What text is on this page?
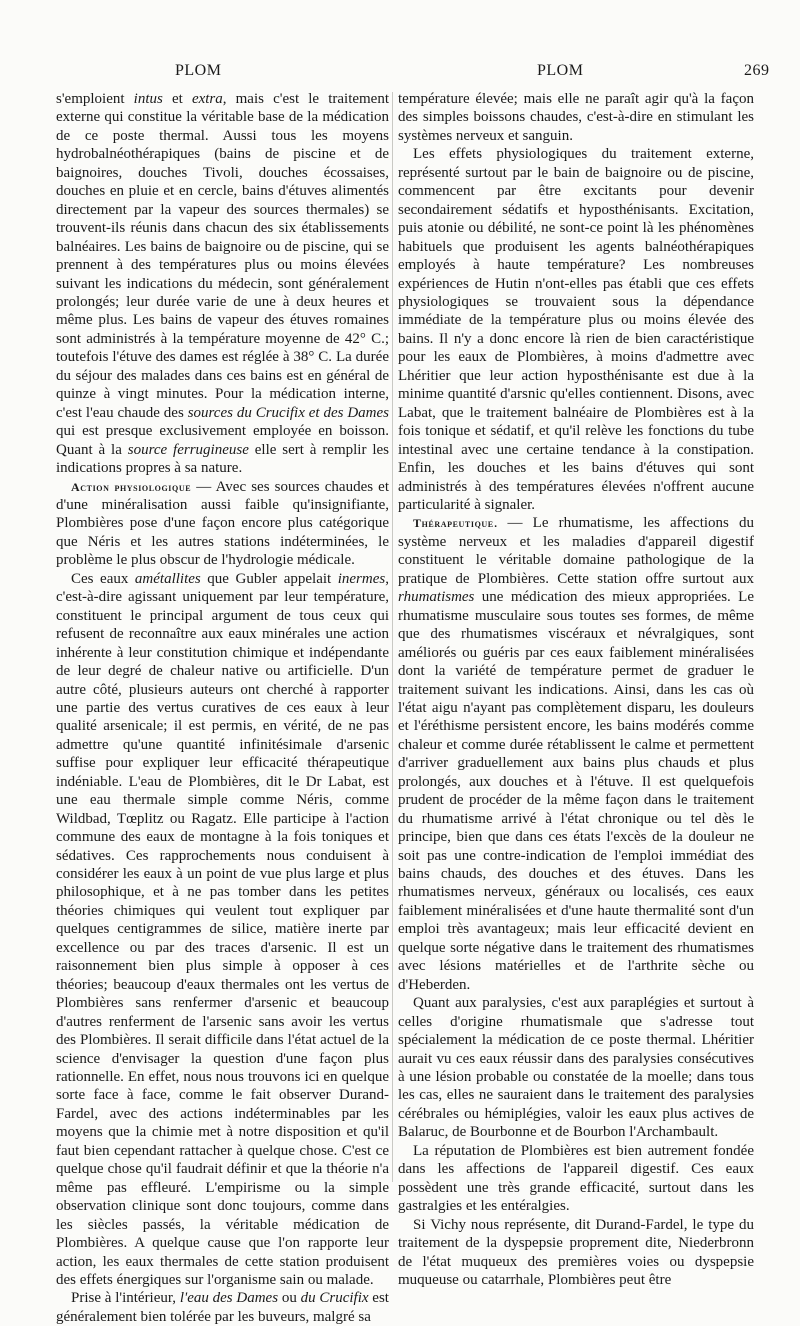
PLOM	PLOM	269

s'emploient intus et extra, mais c'est le traitement externe qui constitue la véritable base de la médication de ce poste thermal. Aussi tous les moyens hydrobalnéothérapiques (bains de piscine et de baignoires, douches Tivoli, douches écossaises, douches en pluie et en cercle, bains d'étuves alimentés directement par la vapeur des sources thermales) se trouvent-ils réunis dans chacun des six établissements balnéaires. Les bains de baignoire ou de piscine, qui se prennent à des températures plus ou moins élevées suivant les indications du médecin, sont généralement prolongés; leur durée varie de une à deux heures et même plus. Les bains de vapeur des étuves romaines sont administrés à la température moyenne de 42° C.; toutefois l'étuve des dames est réglée à 38° C. La durée du séjour des malades dans ces bains est en général de quinze à vingt minutes. Pour la médication interne, c'est l'eau chaude des sources du Crucifix et des Dames qui est presque exclusivement employée en boisson. Quant à la source ferrugineuse elle sert à remplir les indications propres à sa nature.

Action physiologique — Avec ses sources chaudes et d'une minéralisation aussi faible qu'insignifiante, Plombières pose d'une façon encore plus catégorique que Néris et les autres stations indéterminées, le problème le plus obscur de l'hydrologie médicale.

Ces eaux amétallites que Gubler appelait inermes, c'est-à-dire agissant uniquement par leur température, constituent le principal argument de tous ceux qui refusent de reconnaître aux eaux minérales une action inhérente à leur constitution chimique et indépendante de leur degré de chaleur native ou artificielle. D'un autre côté, plusieurs auteurs ont cherché à rapporter une partie des vertus curatives de ces eaux à leur qualité arsenicale; il est permis, en vérité, de ne pas admettre qu'une quantité infinitésimale d'arsenic suffise pour expliquer leur efficacité thérapeutique indéniable. L'eau de Plombières, dit le Dr Labat, est une eau thermale simple comme Néris, comme Wildbad, Tœplitz ou Ragatz. Elle participe à l'action commune des eaux de montagne à la fois toniques et sédatives. Ces rapprochements nous conduisent à considérer les eaux à un point de vue plus large et plus philosophique, et à ne pas tomber dans les petites théories chimiques qui veulent tout expliquer par quelques centigrammes de silice, matière inerte par excellence ou par des traces d'arsenic. Il est un raisonnement bien plus simple à opposer à ces théories; beaucoup d'eaux thermales ont les vertus de Plombières sans renfermer d'arsenic et beaucoup d'autres renferment de l'arsenic sans avoir les vertus des Plombières. Il serait difficile dans l'état actuel de la science d'envisager la question d'une façon plus rationnelle. En effet, nous nous trouvons ici en quelque sorte face à face, comme le fait observer Durand-Fardel, avec des actions indéterminables par les moyens que la chimie met à notre disposition et qu'il faut bien cependant rattacher à quelque chose. C'est ce quelque chose qu'il faudrait définir et que la théorie n'a même pas effleuré. L'empirisme ou la simple observation clinique sont donc toujours, comme dans les siècles passés, la véritable médication de Plombières. A quelque cause que l'on rapporte leur action, les eaux thermales de cette station produisent des effets énergiques sur l'organisme sain ou malade.

Prise à l'intérieur, l'eau des Dames ou du Crucifix est généralement bien tolérée par les buveurs, malgré sa

température élevée; mais elle ne paraît agir qu'à la façon des simples boissons chaudes, c'est-à-dire en stimulant les systèmes nerveux et sanguin.

Les effets physiologiques du traitement externe, représenté surtout par le bain de baignoire ou de piscine, commencent par être excitants pour devenir secondairement sédatifs et hyposthénisants. Excitation, puis atonie ou débilité, ne sont-ce point là les phénomènes habituels que produisent les agents balnéothérapiques employés à haute température? Les nombreuses expériences de Hutin n'ont-elles pas établi que ces effets physiologiques se trouvaient sous la dépendance immédiate de la température plus ou moins élevée des bains. Il n'y a donc encore là rien de bien caractéristique pour les eaux de Plombières, à moins d'admettre avec Lhéritier que leur action hyposthénisante est due à la minime quantité d'arsnic qu'elles contiennent. Disons, avec Labat, que le traitement balnéaire de Plombières est à la fois tonique et sédatif, et qu'il relève les fonctions du tube intestinal avec une certaine tendance à la constipation. Enfin, les douches et les bains d'étuves qui sont administrés à des températures élevées n'offrent aucune particularité à signaler.

Thérapeutique. — Le rhumatisme, les affections du système nerveux et les maladies d'appareil digestif constituent le véritable domaine pathologique de la pratique de Plombières. Cette station offre surtout aux rhumatismes une médication des mieux appropriées. Le rhumatisme musculaire sous toutes ses formes, de même que des rhumatismes viscéraux et névralgiques, sont améliorés ou guéris par ces eaux faiblement minéralisées dont la variété de température permet de graduer le traitement suivant les indications. Ainsi, dans les cas où l'état aigu n'ayant pas complètement disparu, les douleurs et l'éréthisme persistent encore, les bains modérés comme chaleur et comme durée rétablissent le calme et permettent d'arriver graduellement aux bains plus chauds et plus prolongés, aux douches et à l'étuve. Il est quelquefois prudent de procéder de la même façon dans le traitement du rhumatisme arrivé à l'état chronique ou tel dès le principe, bien que dans ces états l'excès de la douleur ne soit pas une contre-indication de l'emploi immédiat des bains chauds, des douches et des étuves. Dans les rhumatismes nerveux, généraux ou localisés, ces eaux faiblement minéralisées et d'une haute thermalité sont d'un emploi très avantageux; mais leur efficacité devient en quelque sorte négative dans le traitement des rhumatismes avec lésions matérielles et de l'arthrite sèche ou d'Heberden.

Quant aux paralysies, c'est aux paraplégies et surtout à celles d'origine rhumatismale que s'adresse tout spécialement la médication de ce poste thermal. Lhéritier aurait vu ces eaux réussir dans des paralysies consécutives à une lésion probable ou constatée de la moelle; dans tous les cas, elles ne sauraient dans le traitement des paralysies cérébrales ou hémiplégies, valoir les eaux plus actives de Balaruc, de Bourbonne et de Bourbon l'Archambault.

La réputation de Plombières est bien autrement fondée dans les affections de l'appareil digestif. Ces eaux possèdent une très grande efficacité, surtout dans les gastralgies et les entéralgies.

Si Vichy nous représente, dit Durand-Fardel, le type du traitement de la dyspepsie proprement dite, Niederbronn de l'état muqueux des premières voies ou dyspepsie muqueuse ou catarrhale, Plombières peut être
